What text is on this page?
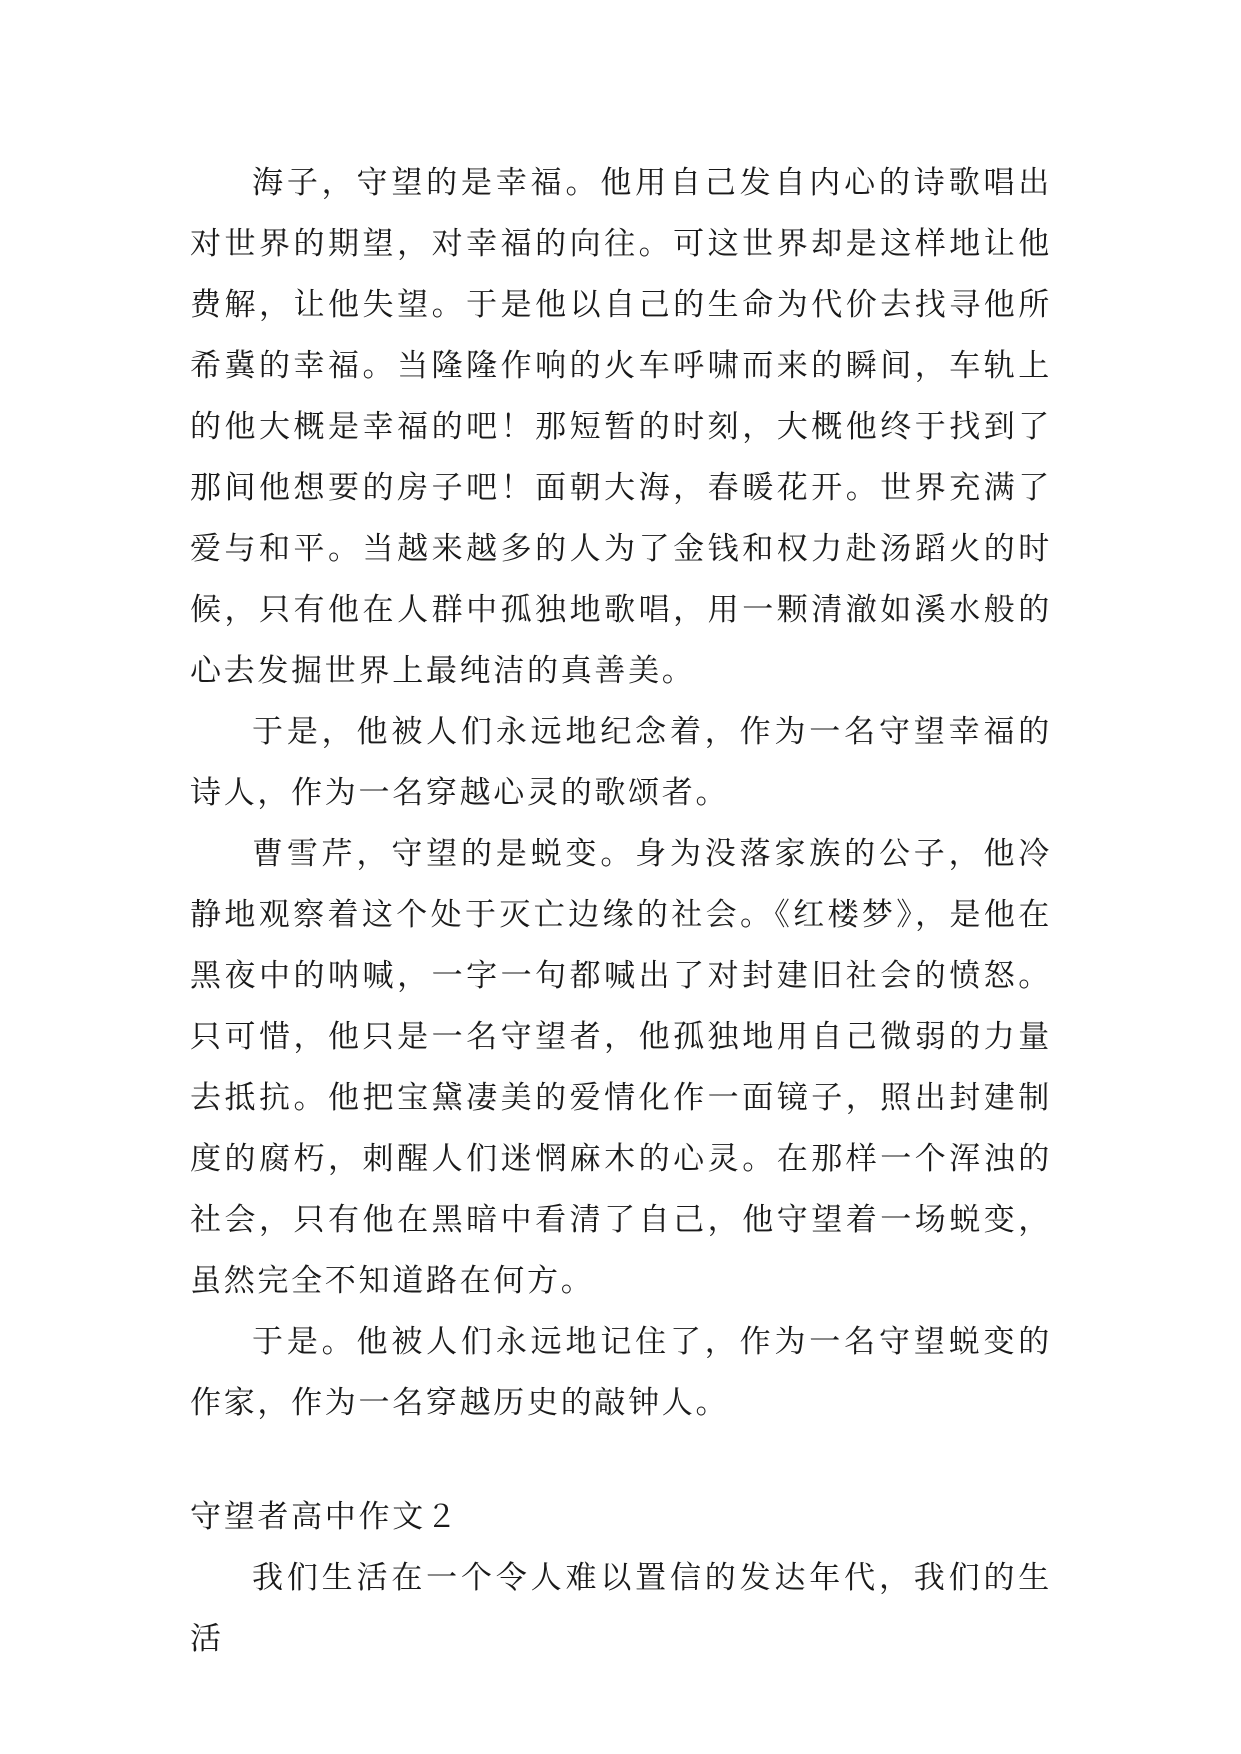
海子，守望的是幸福。他用自己发自内心的诗歌唱出对世界的期望，对幸福的向往。可这世界却是这样地让他费解，让他失望。于是他以自己的生命为代价去找寻他所希冀的幸福。当隆隆作响的火车呼啸而来的瞬间，车轨上的他大概是幸福的吧！那短暂的时刻，大概他终于找到了那间他想要的房子吧！面朝大海，春暖花开。世界充满了爱与和平。当越来越多的人为了金钱和权力赴汤蹈火的时候，只有他在人群中孤独地歌唱，用一颗清澈如溪水般的心去发掘世界上最纯洁的真善美。

于是，他被人们永远地纪念着，作为一名守望幸福的诗人，作为一名穿越心灵的歌颂者。

曹雪芹，守望的是蜕变。身为没落家族的公子，他冷静地观察着这个处于灭亡边缘的社会。《红楼梦》，是他在黑夜中的呐喊，一字一句都喊出了对封建旧社会的愤怒。只可惜，他只是一名守望者，他孤独地用自己微弱的力量去抵抗。他把宝黛凄美的爱情化作一面镜子，照出封建制度的腐朽，刺醒人们迷惘麻木的心灵。在那样一个浑浊的社会，只有他在黑暗中看清了自己，他守望着一场蜕变，虽然完全不知道路在何方。

于是。他被人们永远地记住了，作为一名守望蜕变的作家，作为一名穿越历史的敲钟人。

守望者高中作文２

我们生活在一个令人难以置信的发达年代，我们的生活
